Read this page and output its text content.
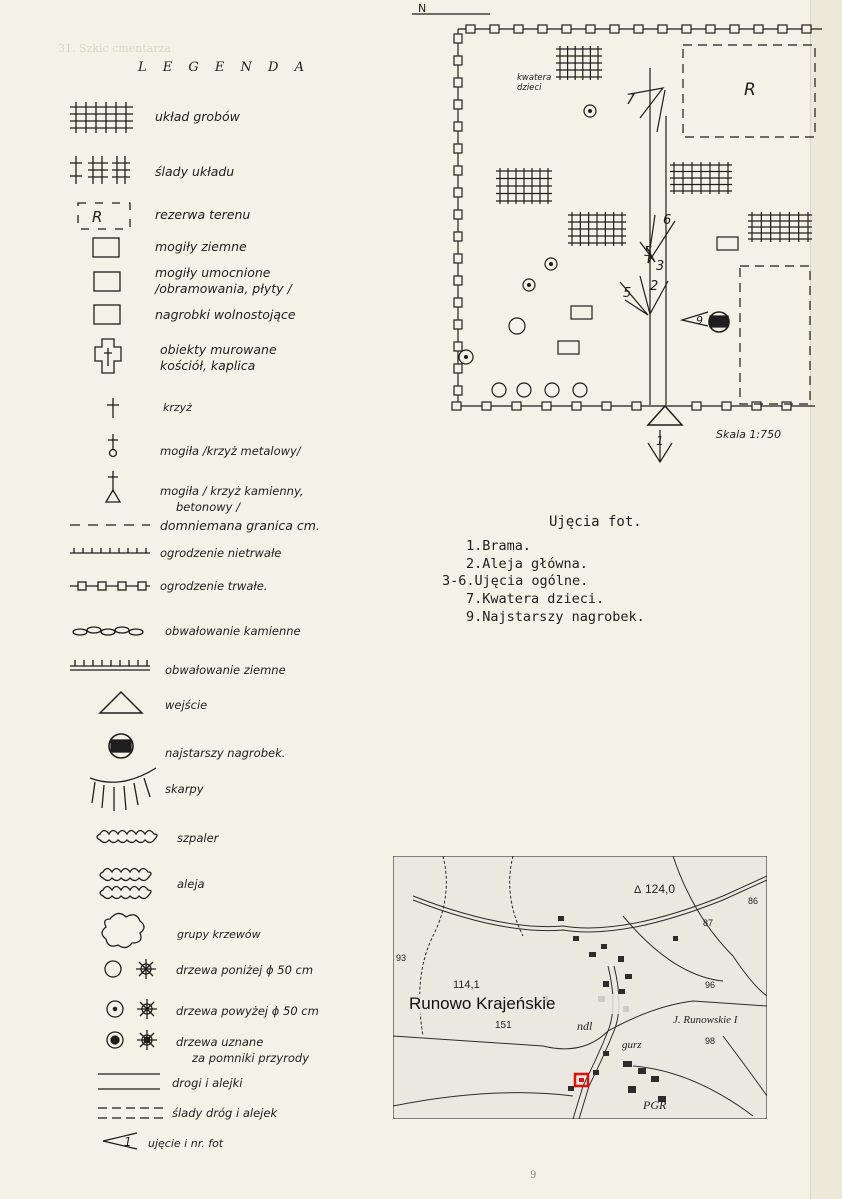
31. Szkic cmentarza
L E G E N D A
R
1
układ grobów
ślady układu
rezerwa terenu
mogiły ziemne
mogiły umocnione
/obramowania, płyty /
nagrobki wolnostojące
obiekty murowane
kościół, kaplica
krzyż
mogiła /krzyż metalowy/
mogiła / krzyż kamienny,
betonowy /
domniemana granica cm.
ogrodzenie nietrwałe
ogrodzenie trwałe.
obwałowanie kamienne
obwałowanie ziemne
wejście
najstarszy nagrobek.
skarpy
szpaler
aleja
grupy krzewów
drzewa poniżej ϕ 50 cm
drzewa powyżej ϕ 50 cm
drzewa uznane
za pomniki przyrody
drogi i alejki
ślady dróg i alejek
ujęcie i nr. fot
N
R
kwatera
dzieci
7
6
5
5 2
3
9
1	Skala 1:750
Ujęcia fot.
1.Brama.
2.Aleja główna.
3-6.Ujęcia ogólne.
7.Kwatera dzieci.
9.Najstarszy nagrobek.
Runowo Krajeńskie
124,0
Δ
114,1
151	ndl
gurz
J. Runowskie I
PGR
87
96
86
93
98
9
